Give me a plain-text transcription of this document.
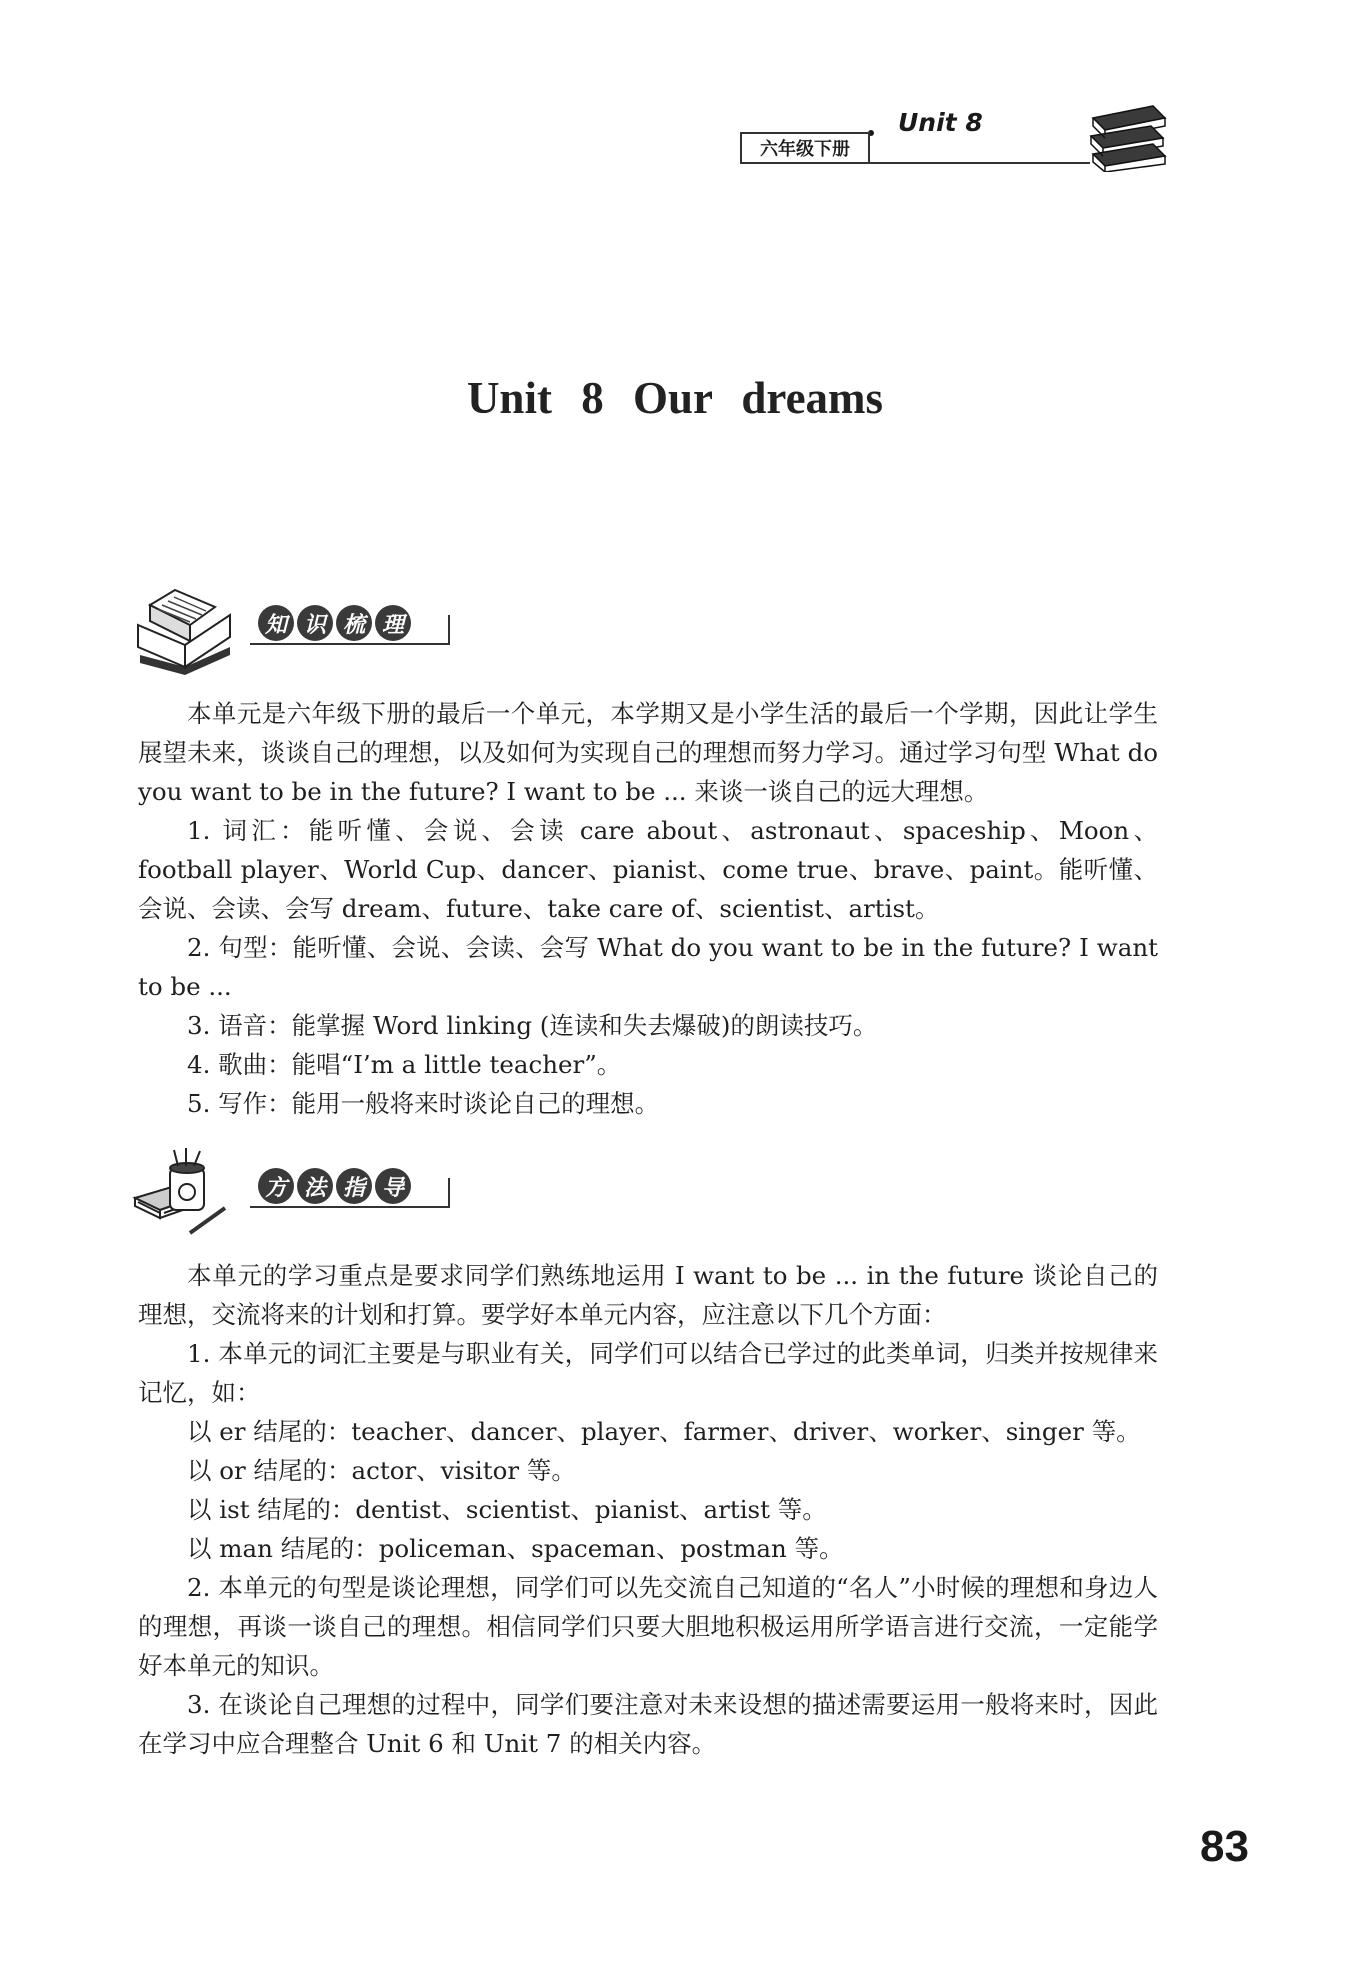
Unit 8
六年级下册
Unit 8 Our dreams
知 识 梳 理

本单元是六年级下册的最后一个单元，本学期又是小学生活的最后一个学期，因此让学生展望未来，谈谈自己的理想，以及如何为实现自己的理想而努力学习。通过学习句型 What do you want to be in the future? I want to be ... 来谈一谈自己的远大理想。

1. 词汇：能听懂、会说、会读 care about、astronaut、spaceship、Moon、football player、World Cup、dancer、pianist、come true、brave、paint。能听懂、会说、会读、会写 dream、future、take care of、scientist、artist。

2. 句型：能听懂、会说、会读、会写 What do you want to be in the future? I want to be ...

3. 语音：能掌握 Word linking (连读和失去爆破)的朗读技巧。

4. 歌曲：能唱“I’m a little teacher”。

5. 写作：能用一般将来时谈论自己的理想。

方 法 指 导

本单元的学习重点是要求同学们熟练地运用 I want to be ... in the future 谈论自己的理想，交流将来的计划和打算。要学好本单元内容，应注意以下几个方面：

1. 本单元的词汇主要是与职业有关，同学们可以结合已学过的此类单词，归类并按规律来记忆，如：

以 er 结尾的：teacher、dancer、player、farmer、driver、worker、singer 等。

以 or 结尾的：actor、visitor 等。

以 ist 结尾的：dentist、scientist、pianist、artist 等。

以 man 结尾的：policeman、spaceman、postman 等。

2. 本单元的句型是谈论理想，同学们可以先交流自己知道的“名人”小时候的理想和身边人的理想，再谈一谈自己的理想。相信同学们只要大胆地积极运用所学语言进行交流，一定能学好本单元的知识。

3. 在谈论自己理想的过程中，同学们要注意对未来设想的描述需要运用一般将来时，因此在学习中应合理整合 Unit 6 和 Unit 7 的相关内容。

83
